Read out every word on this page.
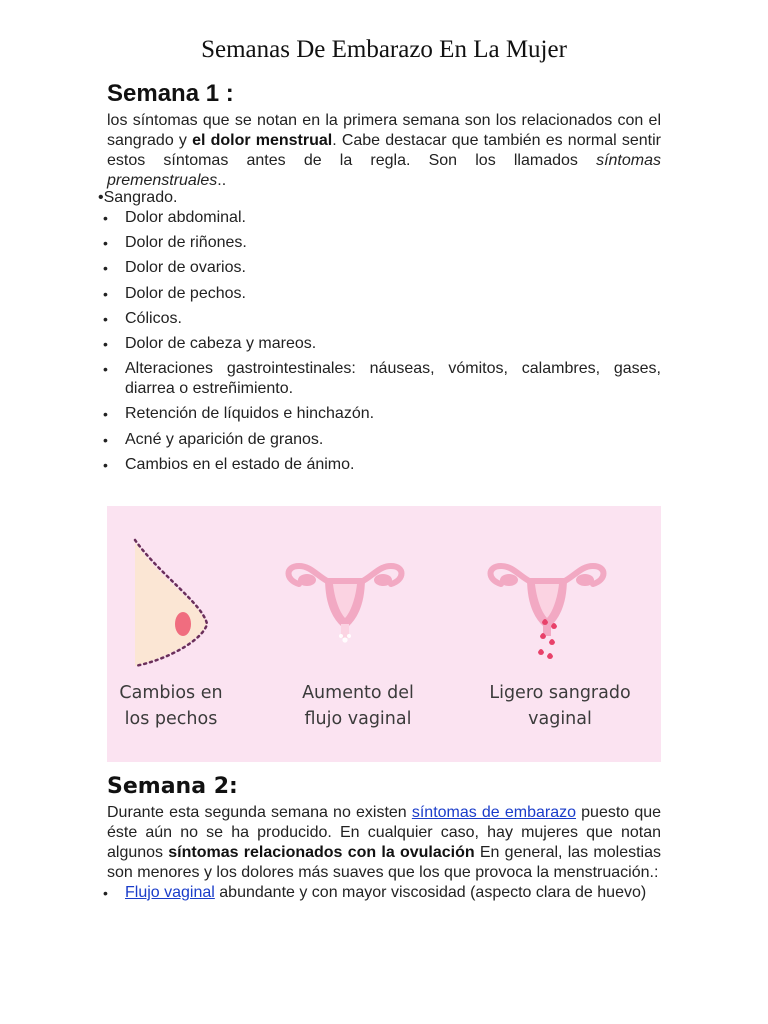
Semanas De Embarazo En La Mujer
Semana 1 :
los síntomas que se notan en la primera semana son los relacionados con el sangrado y el dolor menstrual. Cabe destacar que también es normal sentir estos síntomas antes de la regla. Son los llamados síntomas premenstruales..
•Sangrado.
• Dolor abdominal.
• Dolor de riñones.
• Dolor de ovarios.
• Dolor de pechos.
• Cólicos.
• Dolor de cabeza y mareos.
• Alteraciones gastrointestinales: náuseas, vómitos, calambres, gases, diarrea o estreñimiento.
• Retención de líquidos e hinchazón.
• Acné y aparición de granos.
• Cambios en el estado de ánimo.
Cambios en
los pechos
Aumento del
flujo vaginal
Ligero sangrado
vaginal
Semana 2:
Durante esta segunda semana no existen síntomas de embarazo puesto que éste aún no se ha producido. En cualquier caso, hay mujeres que notan algunos síntomas relacionados con la ovulación En general, las molestias son menores y los dolores más suaves que los que provoca la menstruación.:
• Flujo vaginal abundante y con mayor viscosidad (aspecto clara de huevo)
